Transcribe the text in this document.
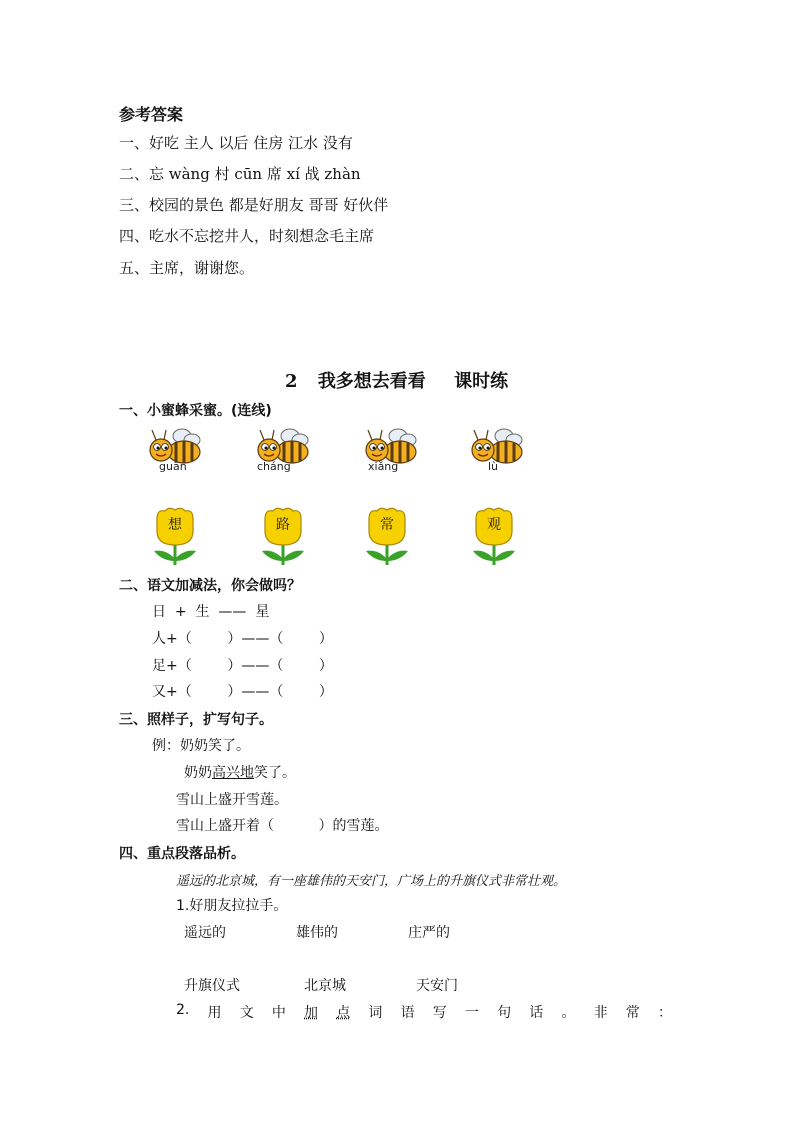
参考答案
一、好吃 主人 以后 住房 江水 没有
二、忘 wàng 村 cūn 席 xí 战 zhàn
三、校园的景色 都是好朋友 哥哥 好伙伴
四、吃水不忘挖井人，时刻想念毛主席
五、主席，谢谢您。
2 我多想去看看 课时练
一、小蜜蜂采蜜。(连线)
guān	cháng	xiǎng	lù
想	路	常	观
二、语文加减法，你会做吗？
日  +  生  ——  星
人+（        ）——（        ）
足+（        ）——（        ）
又+（        ）——（        ）
三、照样子，扩写句子。
例：奶奶笑了。
奶奶高兴地笑了。
雪山上盛开雪莲。
雪山上盛开着（          ）的雪莲。
四、重点段落品析。
遥远的北京城，有一座雄伟的天安门，广场上的升旗仪式非常壮观。
1.好朋友拉拉手。
遥远的	雄伟的	庄严的
升旗仪式	北京城	天安门
2. 用 文 中 加 点 词 语 写 一 句 话 。 非 常 ：
